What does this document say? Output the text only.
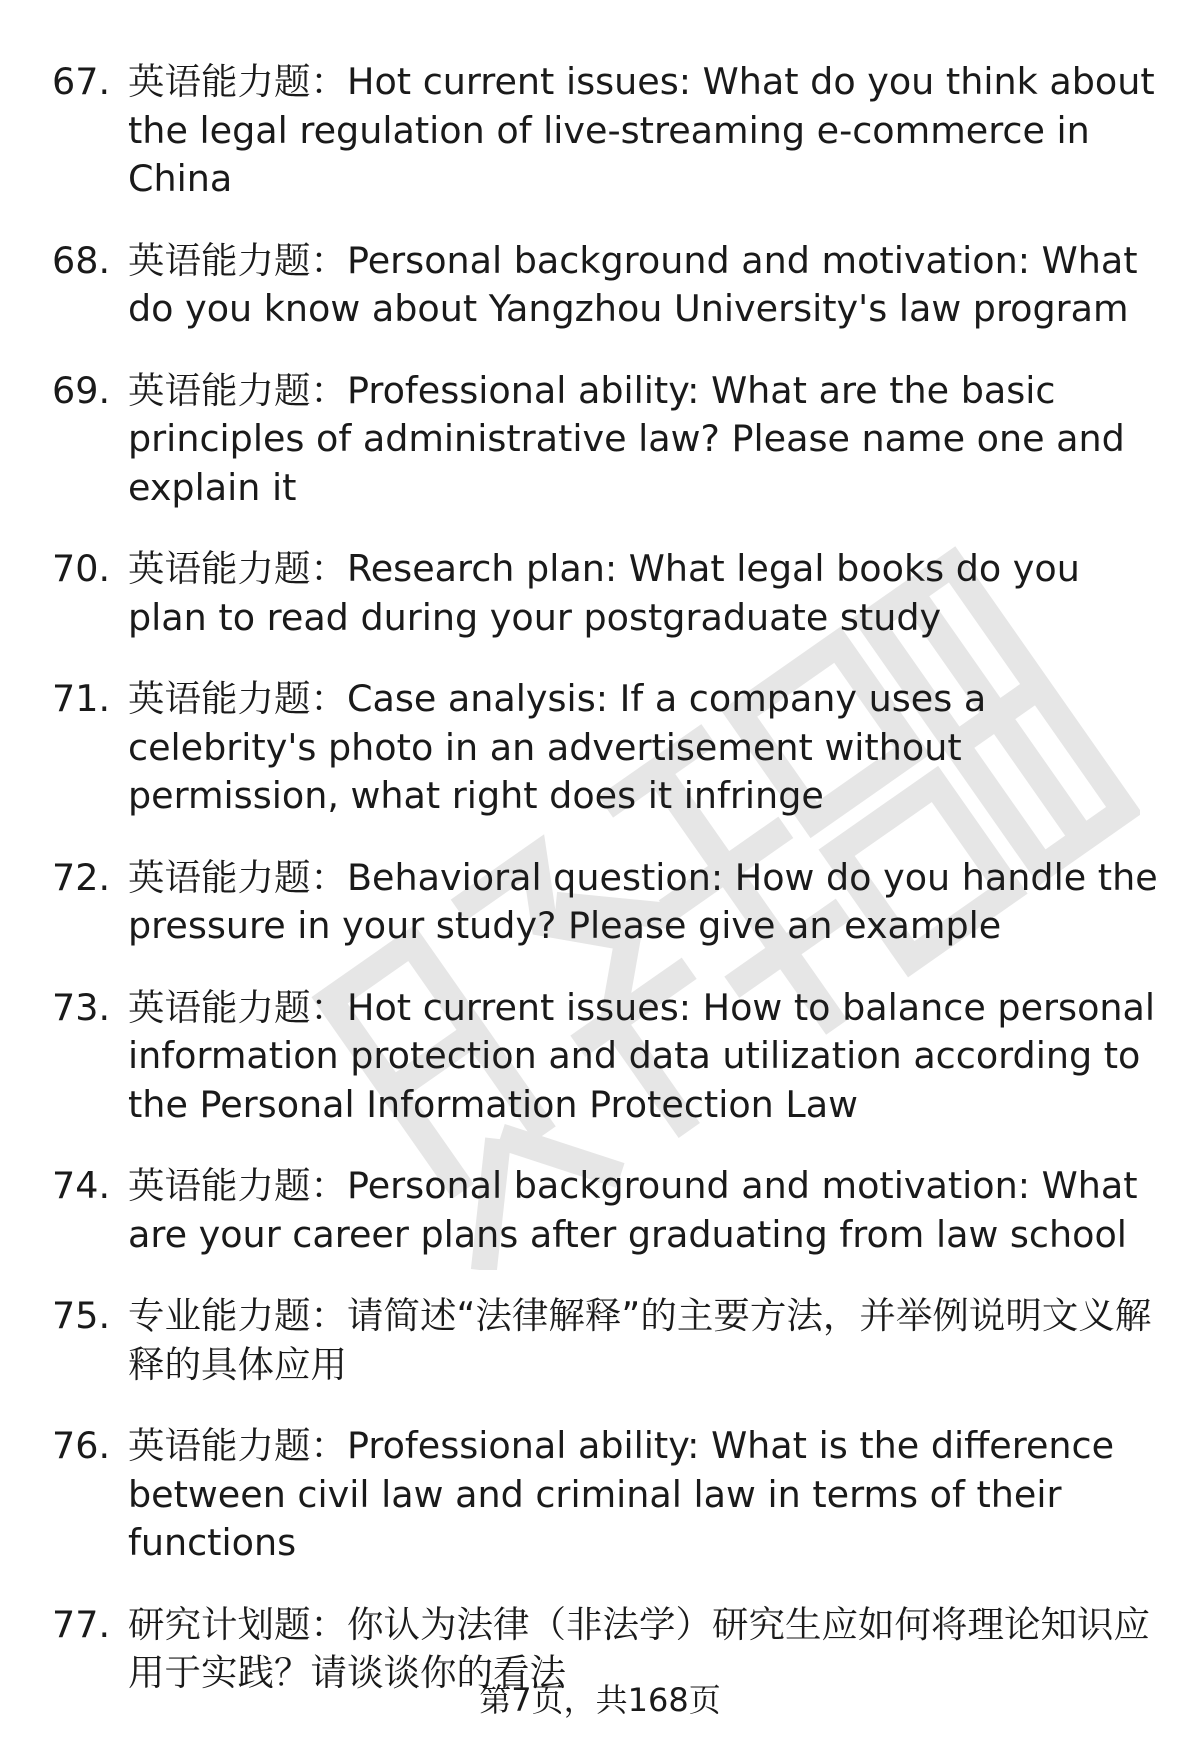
67. 英语能力题：Hot current issues: What do you think about the legal regulation of live-streaming e-commerce in China
68. 英语能力题：Personal background and motivation: What do you know about Yangzhou University's law program
69. 英语能力题：Professional ability: What are the basic principles of administrative law? Please name one and explain it
70. 英语能力题：Research plan: What legal books do you plan to read during your postgraduate study
71. 英语能力题：Case analysis: If a company uses a celebrity's photo in an advertisement without permission, what right does it infringe
72. 英语能力题：Behavioral question: How do you handle the pressure in your study? Please give an example
73. 英语能力题：Hot current issues: How to balance personal information protection and data utilization according to the Personal Information Protection Law
74. 英语能力题：Personal background and motivation: What are your career plans after graduating from law school
75. 专业能力题：请简述“法律解释”的主要方法，并举例说明文义解释的具体应用
76. 英语能力题：Professional ability: What is the difference between civil law and criminal law in terms of their functions
77. 研究计划题：你认为法律（非法学）研究生应如何将理论知识应用于实践？请谈谈你的看法
第7页，共168页
